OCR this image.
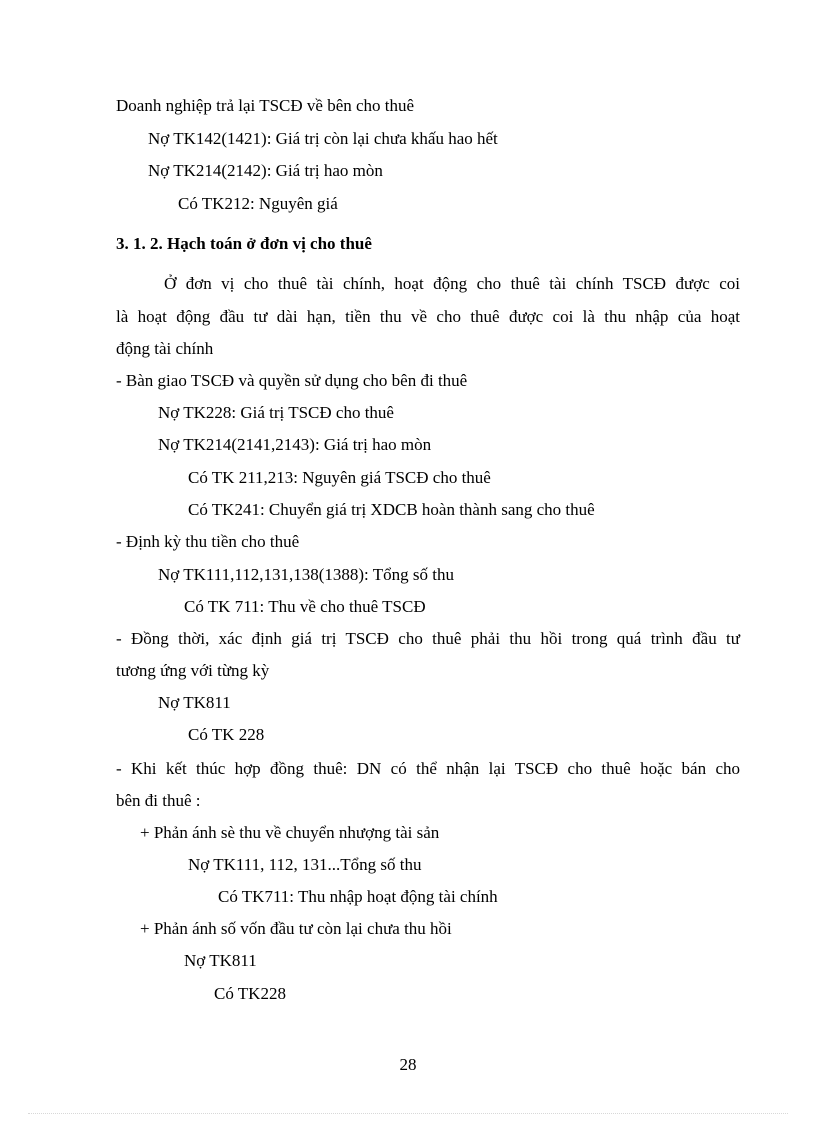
Doanh nghiệp trả lại TSCĐ về bên cho thuê
Nợ TK142(1421): Giá trị còn lại chưa khấu hao hết
Nợ TK214(2142): Giá trị hao mòn
Có TK212: Nguyên giá
3. 1. 2. Hạch toán ở đơn vị cho thuê
Ở đơn vị cho thuê tài chính, hoạt động cho thuê tài chính TSCĐ được coi
là hoạt động đầu tư dài hạn, tiền thu về cho thuê được coi là thu nhập của hoạt
động tài chính
- Bàn giao TSCĐ và quyền sử dụng cho bên đi thuê
Nợ TK228: Giá trị TSCĐ cho thuê
Nợ TK214(2141,2143): Giá trị hao mòn
Có TK 211,213: Nguyên giá TSCĐ cho thuê
Có TK241: Chuyển giá trị XDCB hoàn thành sang cho thuê
- Định kỳ thu tiền cho thuê
Nợ TK111,112,131,138(1388): Tổng số thu
Có TK 711: Thu về cho thuê TSCĐ
- Đồng thời, xác định giá trị TSCĐ cho thuê phải thu hồi trong quá trình đầu tư
tương ứng với từng kỳ
Nợ TK811
Có TK 228
- Khi kết thúc hợp đồng thuê: DN có thể nhận lại TSCĐ cho thuê hoặc bán cho
bên đi thuê :
+ Phản ánh sè thu về chuyển nhượng tài sản
Nợ TK111, 112, 131...Tổng số thu
Có TK711: Thu nhập hoạt động tài chính
+ Phản ánh số vốn đầu tư còn lại chưa thu hồi
Nợ TK811
Có TK228
28
